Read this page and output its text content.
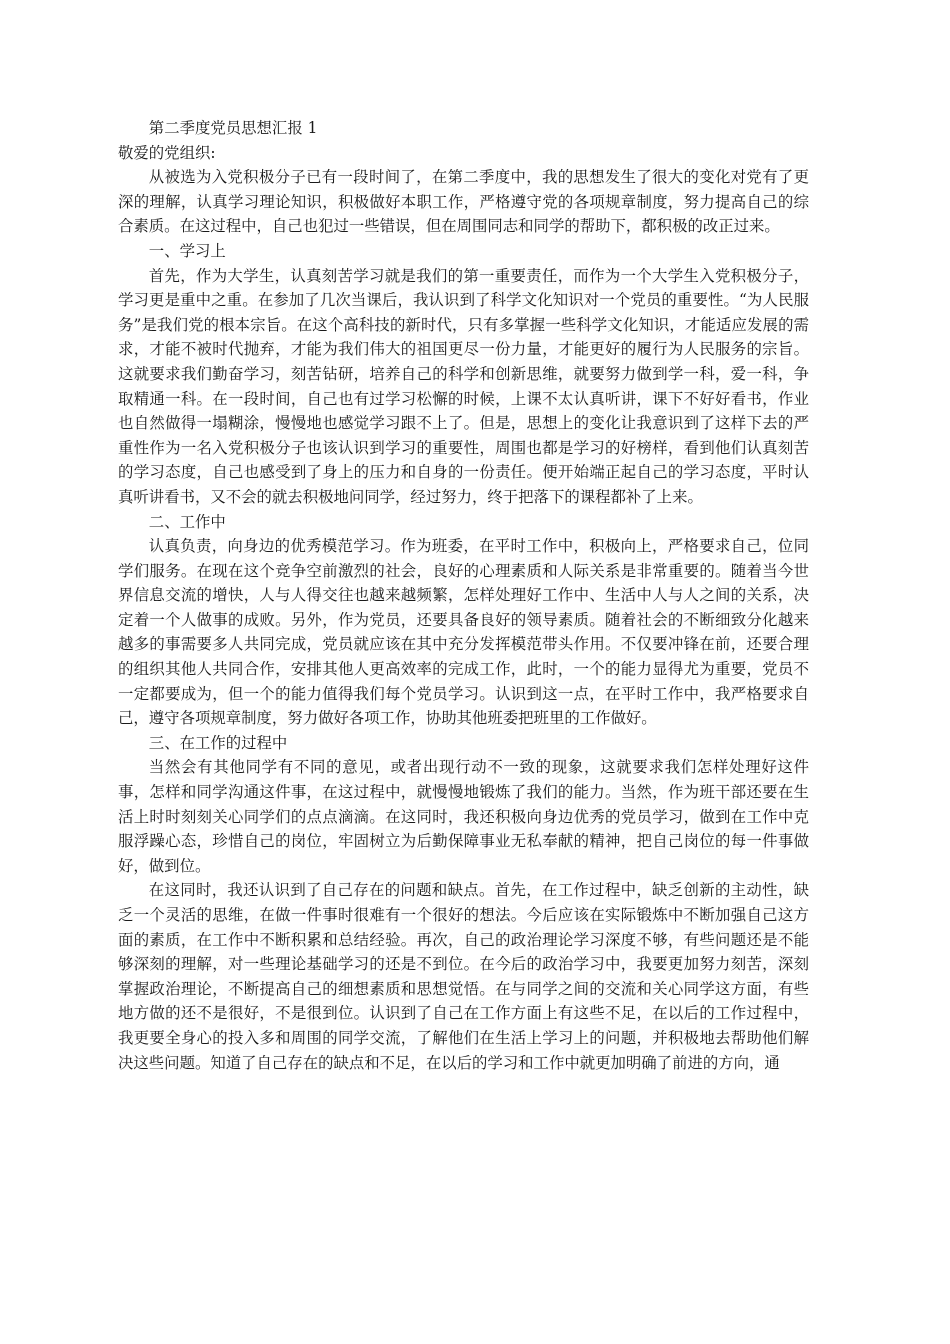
第二季度党员思想汇报 1

敬爱的党组织:

从被选为入党积极分子已有一段时间了，在第二季度中，我的思想发生了很大的变化对党有了更深的理解，认真学习理论知识，积极做好本职工作，严格遵守党的各项规章制度，努力提高自己的综合素质。在这过程中，自己也犯过一些错误，但在周围同志和同学的帮助下，都积极的改正过来。

一、学习上

首先，作为大学生，认真刻苦学习就是我们的第一重要责任，而作为一个大学生入党积极分子，学习更是重中之重。在参加了几次当课后，我认识到了科学文化知识对一个党员的重要性。“为人民服务”是我们党的根本宗旨。在这个高科技的新时代，只有多掌握一些科学文化知识，才能适应发展的需求，才能不被时代抛弃，才能为我们伟大的祖国更尽一份力量，才能更好的履行为人民服务的宗旨。这就要求我们勤奋学习，刻苦钻研，培养自己的科学和创新思维，就要努力做到学一科，爱一科，争取精通一科。在一段时间，自己也有过学习松懈的时候，上课不太认真听讲，课下不好好看书，作业也自然做得一塌糊涂，慢慢地也感觉学习跟不上了。但是，思想上的变化让我意识到了这样下去的严重性作为一名入党积极分子也该认识到学习的重要性，周围也都是学习的好榜样，看到他们认真刻苦的学习态度，自己也感受到了身上的压力和自身的一份责任。便开始端正起自己的学习态度，平时认真听讲看书，又不会的就去积极地问同学，经过努力，终于把落下的课程都补了上来。

二、工作中

认真负责，向身边的优秀模范学习。作为班委，在平时工作中，积极向上，严格要求自己，位同学们服务。在现在这个竞争空前激烈的社会，良好的心理素质和人际关系是非常重要的。随着当今世界信息交流的增快，人与人得交往也越来越频繁，怎样处理好工作中、生活中人与人之间的关系，决定着一个人做事的成败。另外，作为党员，还要具备良好的领导素质。随着社会的不断细致分化越来越多的事需要多人共同完成，党员就应该在其中充分发挥模范带头作用。不仅要冲锋在前，还要合理的组织其他人共同合作，安排其他人更高效率的完成工作，此时，一个的能力显得尤为重要，党员不一定都要成为，但一个的能力值得我们每个党员学习。认识到这一点，在平时工作中，我严格要求自己，遵守各项规章制度，努力做好各项工作，协助其他班委把班里的工作做好。

三、在工作的过程中

当然会有其他同学有不同的意见，或者出现行动不一致的现象，这就要求我们怎样处理好这件事，怎样和同学沟通这件事，在这过程中，就慢慢地锻炼了我们的能力。当然，作为班干部还要在生活上时时刻刻关心同学们的点点滴滴。在这同时，我还积极向身边优秀的党员学习，做到在工作中克服浮躁心态，珍惜自己的岗位，牢固树立为后勤保障事业无私奉献的精神，把自己岗位的每一件事做好，做到位。

在这同时，我还认识到了自己存在的问题和缺点。首先，在工作过程中，缺乏创新的主动性，缺乏一个灵活的思维，在做一件事时很难有一个很好的想法。今后应该在实际锻炼中不断加强自己这方面的素质，在工作中不断积累和总结经验。再次，自己的政治理论学习深度不够，有些问题还是不能够深刻的理解，对一些理论基础学习的还是不到位。在今后的政治学习中，我要更加努力刻苦，深刻掌握政治理论，不断提高自己的细想素质和思想觉悟。在与同学之间的交流和关心同学这方面，有些地方做的还不是很好，不是很到位。认识到了自己在工作方面上有这些不足，在以后的工作过程中，我更要全身心的投入多和周围的同学交流，了解他们在生活上学习上的问题，并积极地去帮助他们解决这些问题。知道了自己存在的缺点和不足，在以后的学习和工作中就更加明确了前进的方向，通
